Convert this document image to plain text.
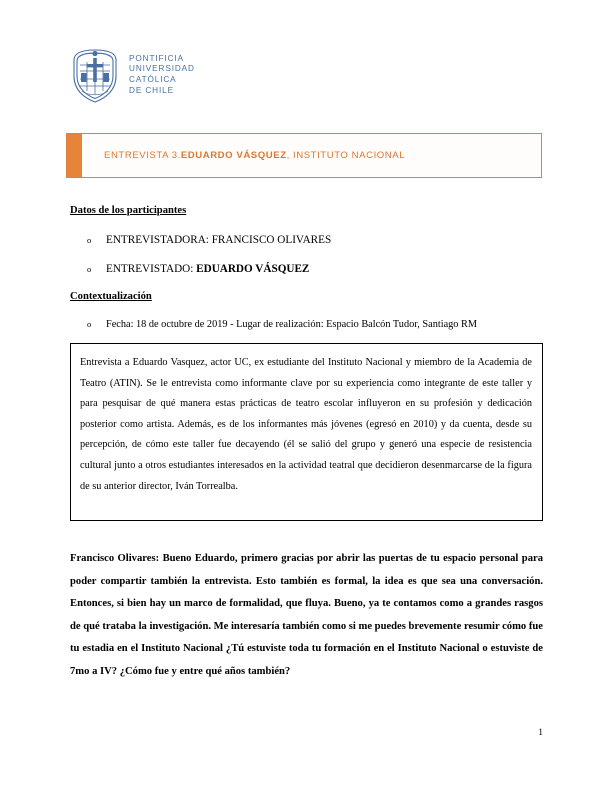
PONTIFICIA
UNIVERSIDAD
CATÓLICA
DE CHILE
ENTREVISTA 3. EDUARDO VÁSQUEZ , INSTITUTO NACIONAL
Datos de los participantes
o	ENTREVISTADORA: FRANCISCO OLIVARES
o	ENTREVISTADO: EDUARDO VÁSQUEZ
Contextualización
o	Fecha: 18 de octubre de 2019 - Lugar de realización: Espacio Balcón Tudor, Santiago RM

Entrevista a Eduardo Vasquez, actor UC, ex estudiante del Instituto Nacional y miembro de la Academia de Teatro (ATIN). Se le entrevista como informante clave por su experiencia como integrante de este taller y para pesquisar de qué manera estas prácticas de teatro escolar influyeron en su profesión y dedicación posterior como artista. Además, es de los informantes más jóvenes (egresó en 2010) y da cuenta, desde su percepción, de cómo este taller fue decayendo (él se salió del grupo y generó una especie de resistencia cultural junto a otros estudiantes interesados en la actividad teatral que decidieron desenmarcarse de la figura de su anterior director, Iván Torrealba.

Francisco Olivares: Bueno Eduardo, primero gracias por abrir las puertas de tu espacio personal para poder compartir también la entrevista. Esto también es formal, la idea es que sea una conversación. Entonces, si bien hay un marco de formalidad, que fluya. Bueno, ya te contamos como a grandes rasgos de qué trataba la investigación. Me interesaría también como si me puedes brevemente resumir cómo fue tu estadia en el Instituto Nacional ¿Tú estuviste toda tu formación en el Instituto Nacional o estuviste de 7mo a IV? ¿Cómo fue y entre qué años también?
1
